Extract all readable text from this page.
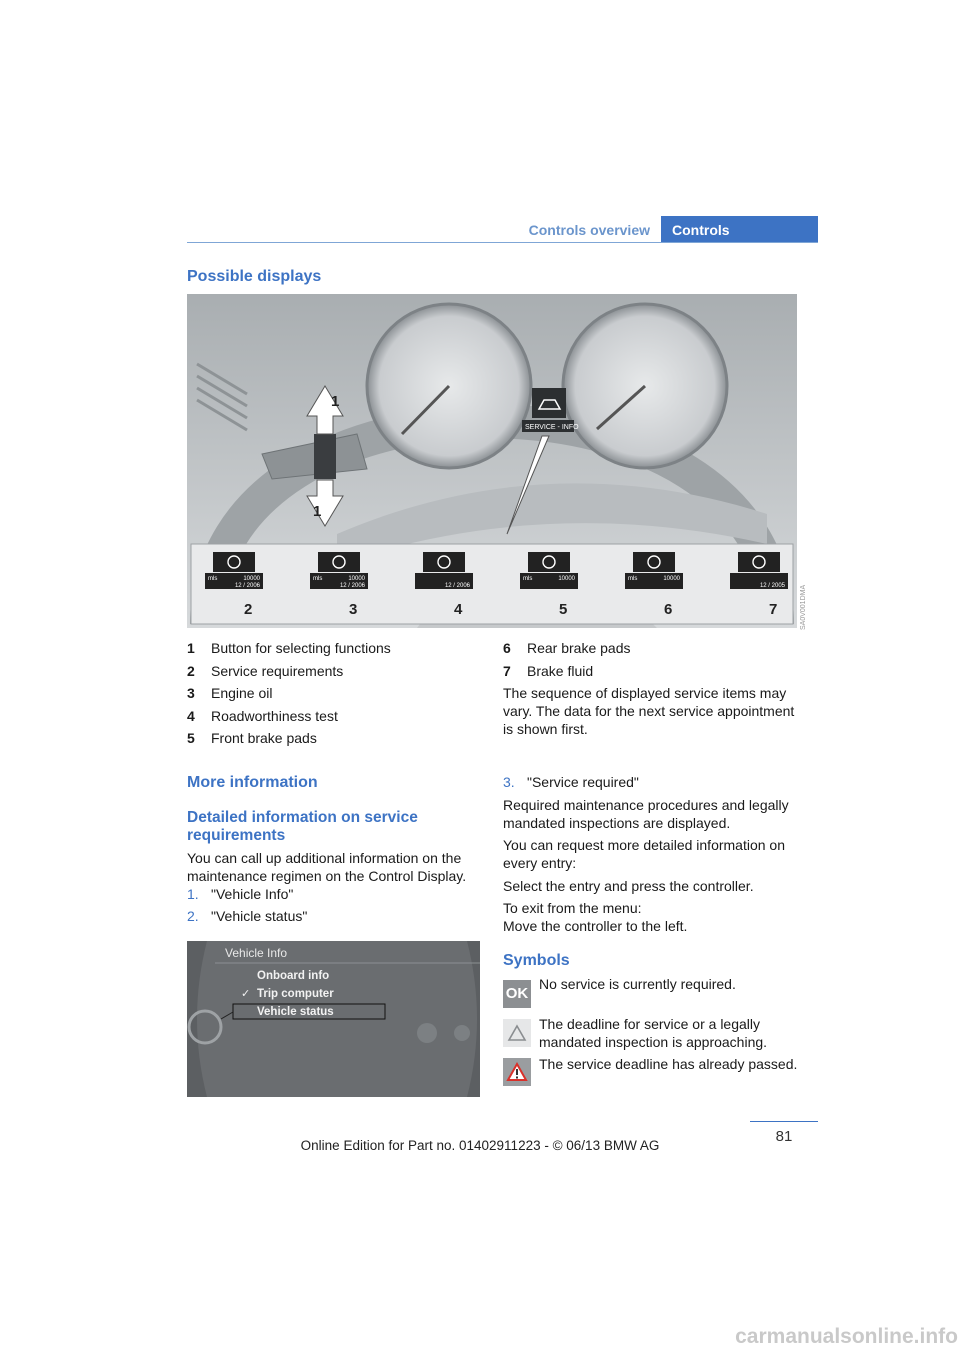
Controls overview	Controls
Possible displays
1
1
SERVICE - INFO
mls	10000
12 / 2006
2
mls	10000
12 / 2006
3
12 / 2006
4
mls	10000
5
mls	10000
6
12 / 2005
7	SA0V001DMA
1 Button for selecting functions
2 Service requirements
3 Engine oil
4 Roadworthiness test
5 Front brake pads
6 Rear brake pads
7 Brake fluid

The sequence of displayed service items may vary. The data for the next service appointment is shown first.

More information
Detailed information on service requirements

You can call up additional information on the maintenance regimen on the Control Display.

1. "Vehicle Info"
2. "Vehicle status"
3. "Service required"

Required maintenance procedures and legally mandated inspections are displayed.

You can request more detailed information on every entry:

Select the entry and press the controller.

To exit from the menu:
Move the controller to the left.

Vehicle Info
Onboard info
✓ Trip computer
Vehicle status
Symbols
OK

No service is currently required.

The deadline for service or a legally mandated inspection is approaching.

The service deadline has already passed.

81
Online Edition for Part no. 01402911223 - © 06/13 BMW AG
carmanualsonline.info
